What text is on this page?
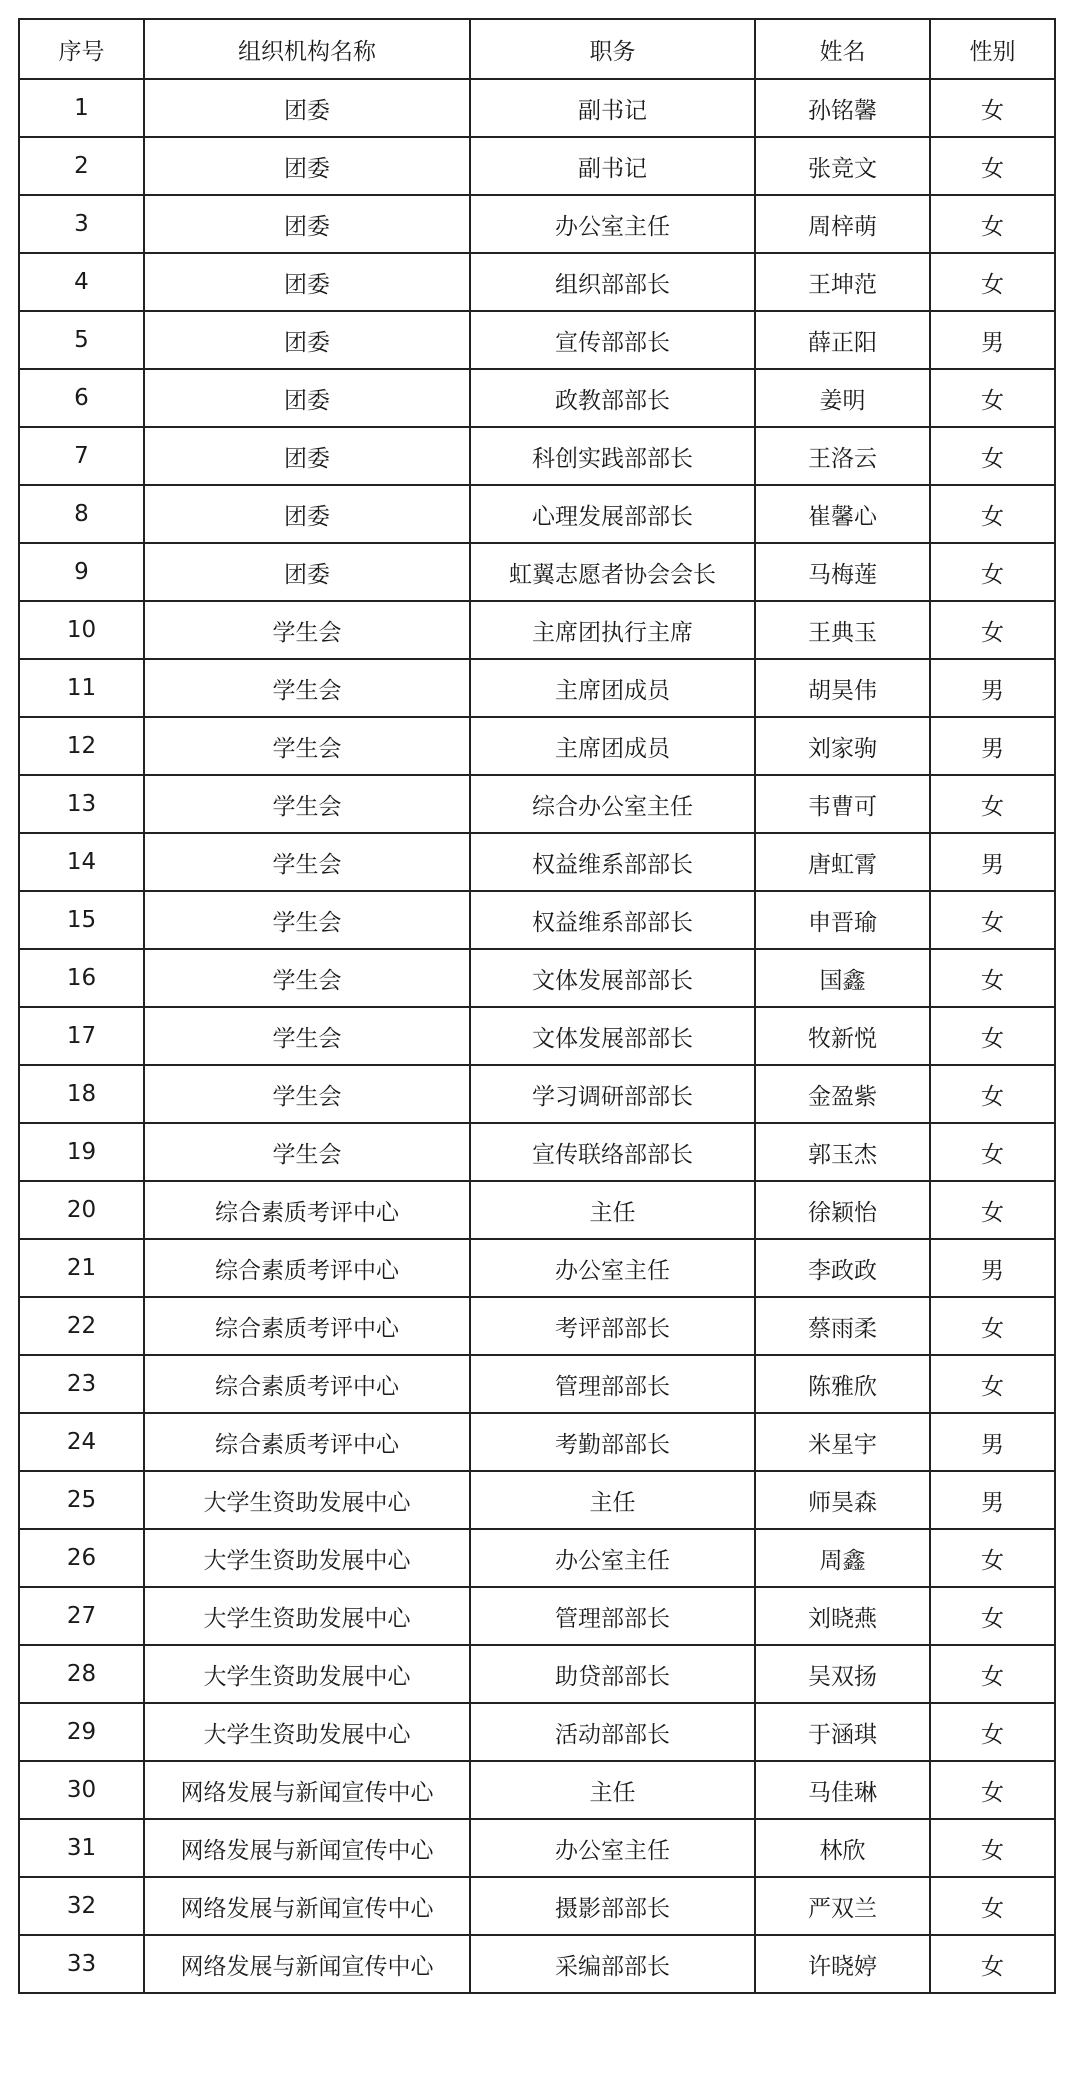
序号	组织机构名称	职务	姓名	性别
1	团委	副书记	孙铭馨	女
2	团委	副书记	张竞文	女
3	团委	办公室主任	周梓萌	女
4	团委	组织部部长	王坤范	女
5	团委	宣传部部长	薛正阳	男
6	团委	政教部部长	姜明	女
7	团委	科创实践部部长	王洛云	女
8	团委	心理发展部部长	崔馨心	女
9	团委	虹翼志愿者协会会长	马梅莲	女
10	学生会	主席团执行主席	王典玉	女
11	学生会	主席团成员	胡昊伟	男
12	学生会	主席团成员	刘家驹	男
13	学生会	综合办公室主任	韦曹可	女
14	学生会	权益维系部部长	唐虹霄	男
15	学生会	权益维系部部长	申晋瑜	女
16	学生会	文体发展部部长	国鑫	女
17	学生会	文体发展部部长	牧新悦	女
18	学生会	学习调研部部长	金盈紫	女
19	学生会	宣传联络部部长	郭玉杰	女
20	综合素质考评中心	主任	徐颖怡	女
21	综合素质考评中心	办公室主任	李政政	男
22	综合素质考评中心	考评部部长	蔡雨柔	女
23	综合素质考评中心	管理部部长	陈雅欣	女
24	综合素质考评中心	考勤部部长	米星宇	男
25	大学生资助发展中心	主任	师昊森	男
26	大学生资助发展中心	办公室主任	周鑫	女
27	大学生资助发展中心	管理部部长	刘晓燕	女
28	大学生资助发展中心	助贷部部长	吴双扬	女
29	大学生资助发展中心	活动部部长	于涵琪	女
30	网络发展与新闻宣传中心	主任	马佳琳	女
31	网络发展与新闻宣传中心	办公室主任	林欣	女
32	网络发展与新闻宣传中心	摄影部部长	严双兰	女
33	网络发展与新闻宣传中心	采编部部长	许晓婷	女
